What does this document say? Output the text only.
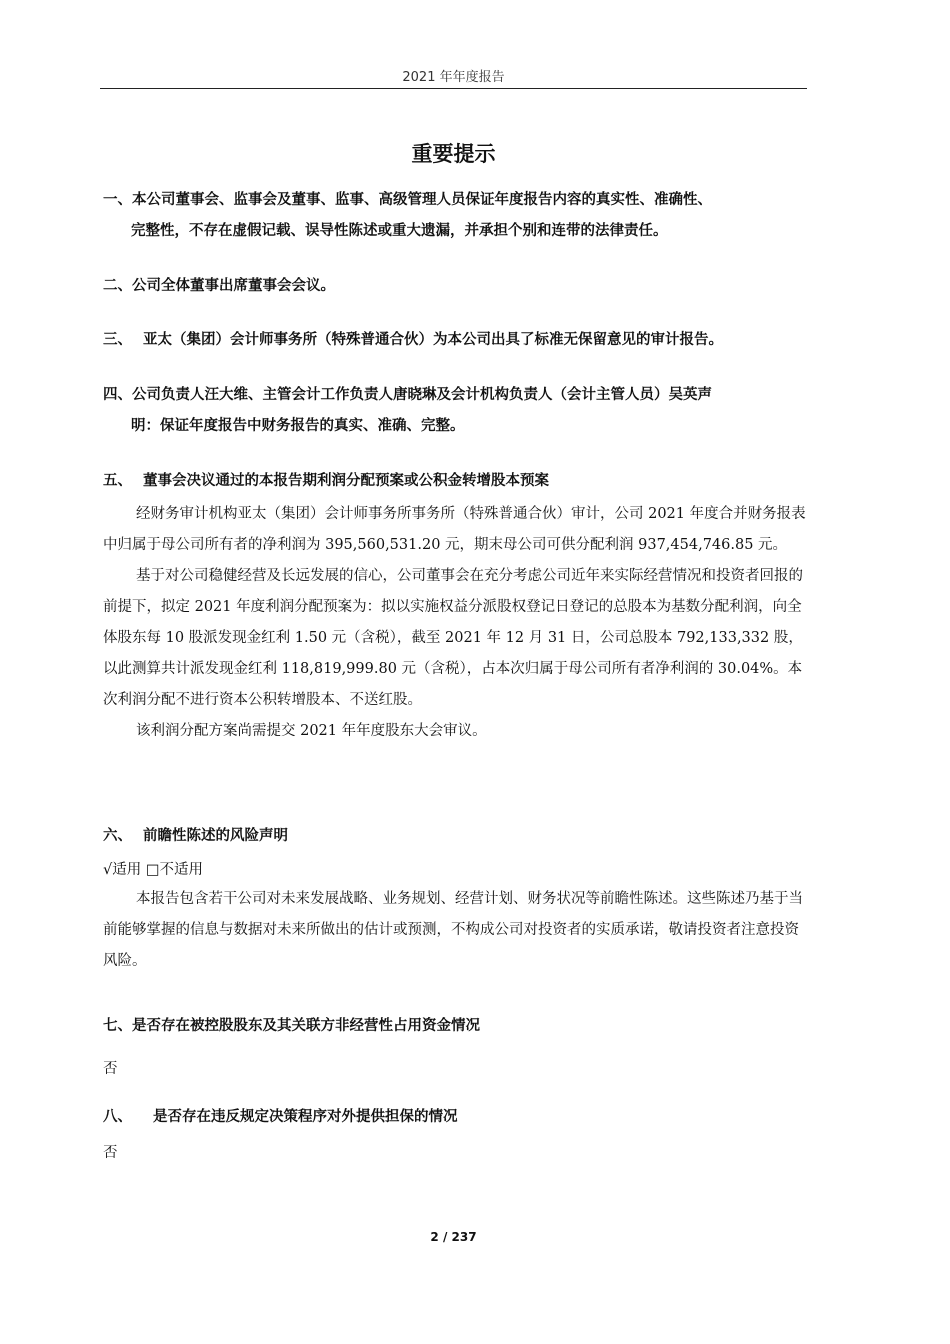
2021 年年度报告
重要提示
一、本公司董事会、监事会及董事、监事、高级管理人员保证年度报告内容的真实性、准确性、
完整性，不存在虚假记载、误导性陈述或重大遗漏，并承担个别和连带的法律责任。
二、公司全体董事出席董事会会议。
三、 亚太（集团）会计师事务所（特殊普通合伙）为本公司出具了标准无保留意见的审计报告。
四、公司负责人汪大维、主管会计工作负责人唐晓琳及会计机构负责人（会计主管人员）吴英声
明：保证年度报告中财务报告的真实、准确、完整。
五、 董事会决议通过的本报告期利润分配预案或公积金转增股本预案

经财务审计机构亚太（集团）会计师事务所事务所（特殊普通合伙）审计，公司 2021 年度合并财务报表中归属于母公司所有者的净利润为 395,560,531.20 元，期末母公司可供分配利润 937,454,746.85 元。

基于对公司稳健经营及长远发展的信心，公司董事会在充分考虑公司近年来实际经营情况和投资者回报的前提下，拟定 2021 年度利润分配预案为：拟以实施权益分派股权登记日登记的总股本为基数分配利润，向全体股东每 10 股派发现金红利 1.50 元（含税），截至 2021 年 12 月 31 日，公司总股本 792,133,332 股，以此测算共计派发现金红利 118,819,999.80 元（含税），占本次归属于母公司所有者净利润的 30.04%。本次利润分配不进行资本公积转增股本、不送红股。

该利润分配方案尚需提交 2021 年年度股东大会审议。

六、 前瞻性陈述的风险声明
√适用 □不适用

本报告包含若干公司对未来发展战略、业务规划、经营计划、财务状况等前瞻性陈述。这些陈述乃基于当前能够掌握的信息与数据对未来所做出的估计或预测，不构成公司对投资者的实质承诺，敬请投资者注意投资风险。

七、是否存在被控股股东及其关联方非经营性占用资金情况
否
八、 是否存在违反规定决策程序对外提供担保的情况
否
2 / 237
